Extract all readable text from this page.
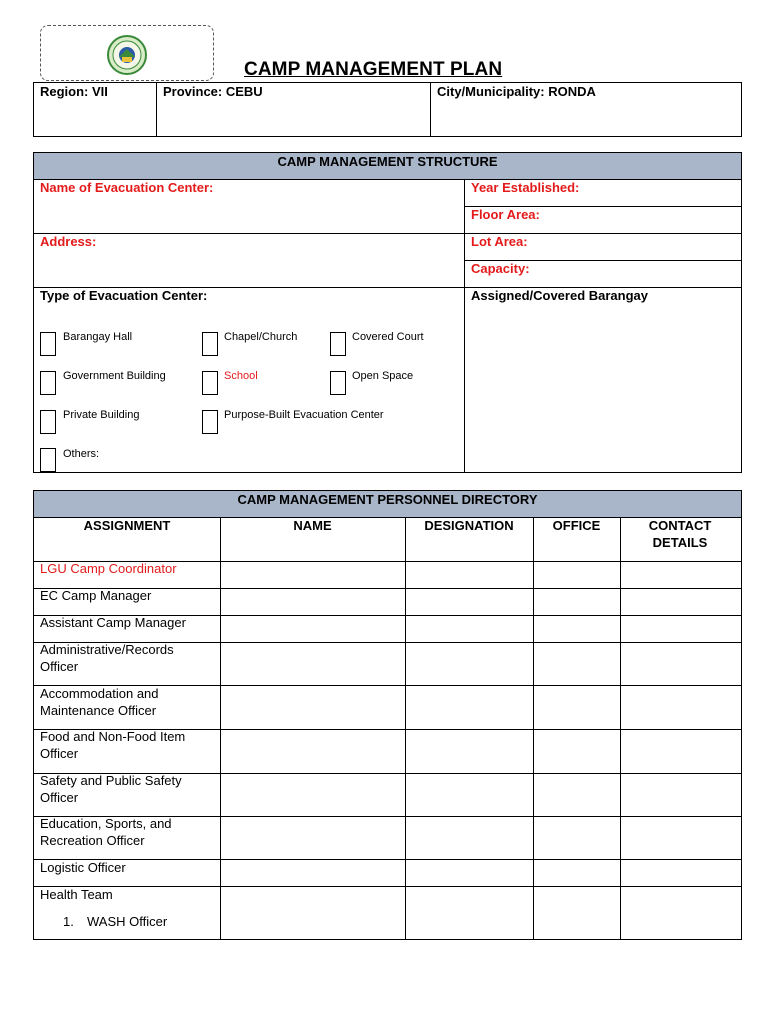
CAMP MANAGEMENT PLAN
Region: VII	Province: CEBU	City/Municipality: RONDA
CAMP MANAGEMENT STRUCTURE
Name of Evacuation Center:
Address:
Type of Evacuation Center:
Year Established:
Floor Area:
Lot Area:
Capacity:
Assigned/Covered Barangay
Barangay Hall	Chapel/Church	Covered Court
Government Building	School	Open Space
Private Building	Purpose-Built Evacuation Center
Others:
CAMP MANAGEMENT PERSONNEL DIRECTORY
ASSIGNMENT	NAME	DESIGNATION	OFFICE	CONTACT DETAILS
LGU Camp Coordinator
EC Camp Manager
Assistant Camp Manager
Administrative/Records Officer
Accommodation and Maintenance Officer
Food and Non-Food Item Officer
Safety and Public Safety Officer
Education, Sports, and Recreation Officer
Logistic Officer
Health Team
1. WASH Officer
